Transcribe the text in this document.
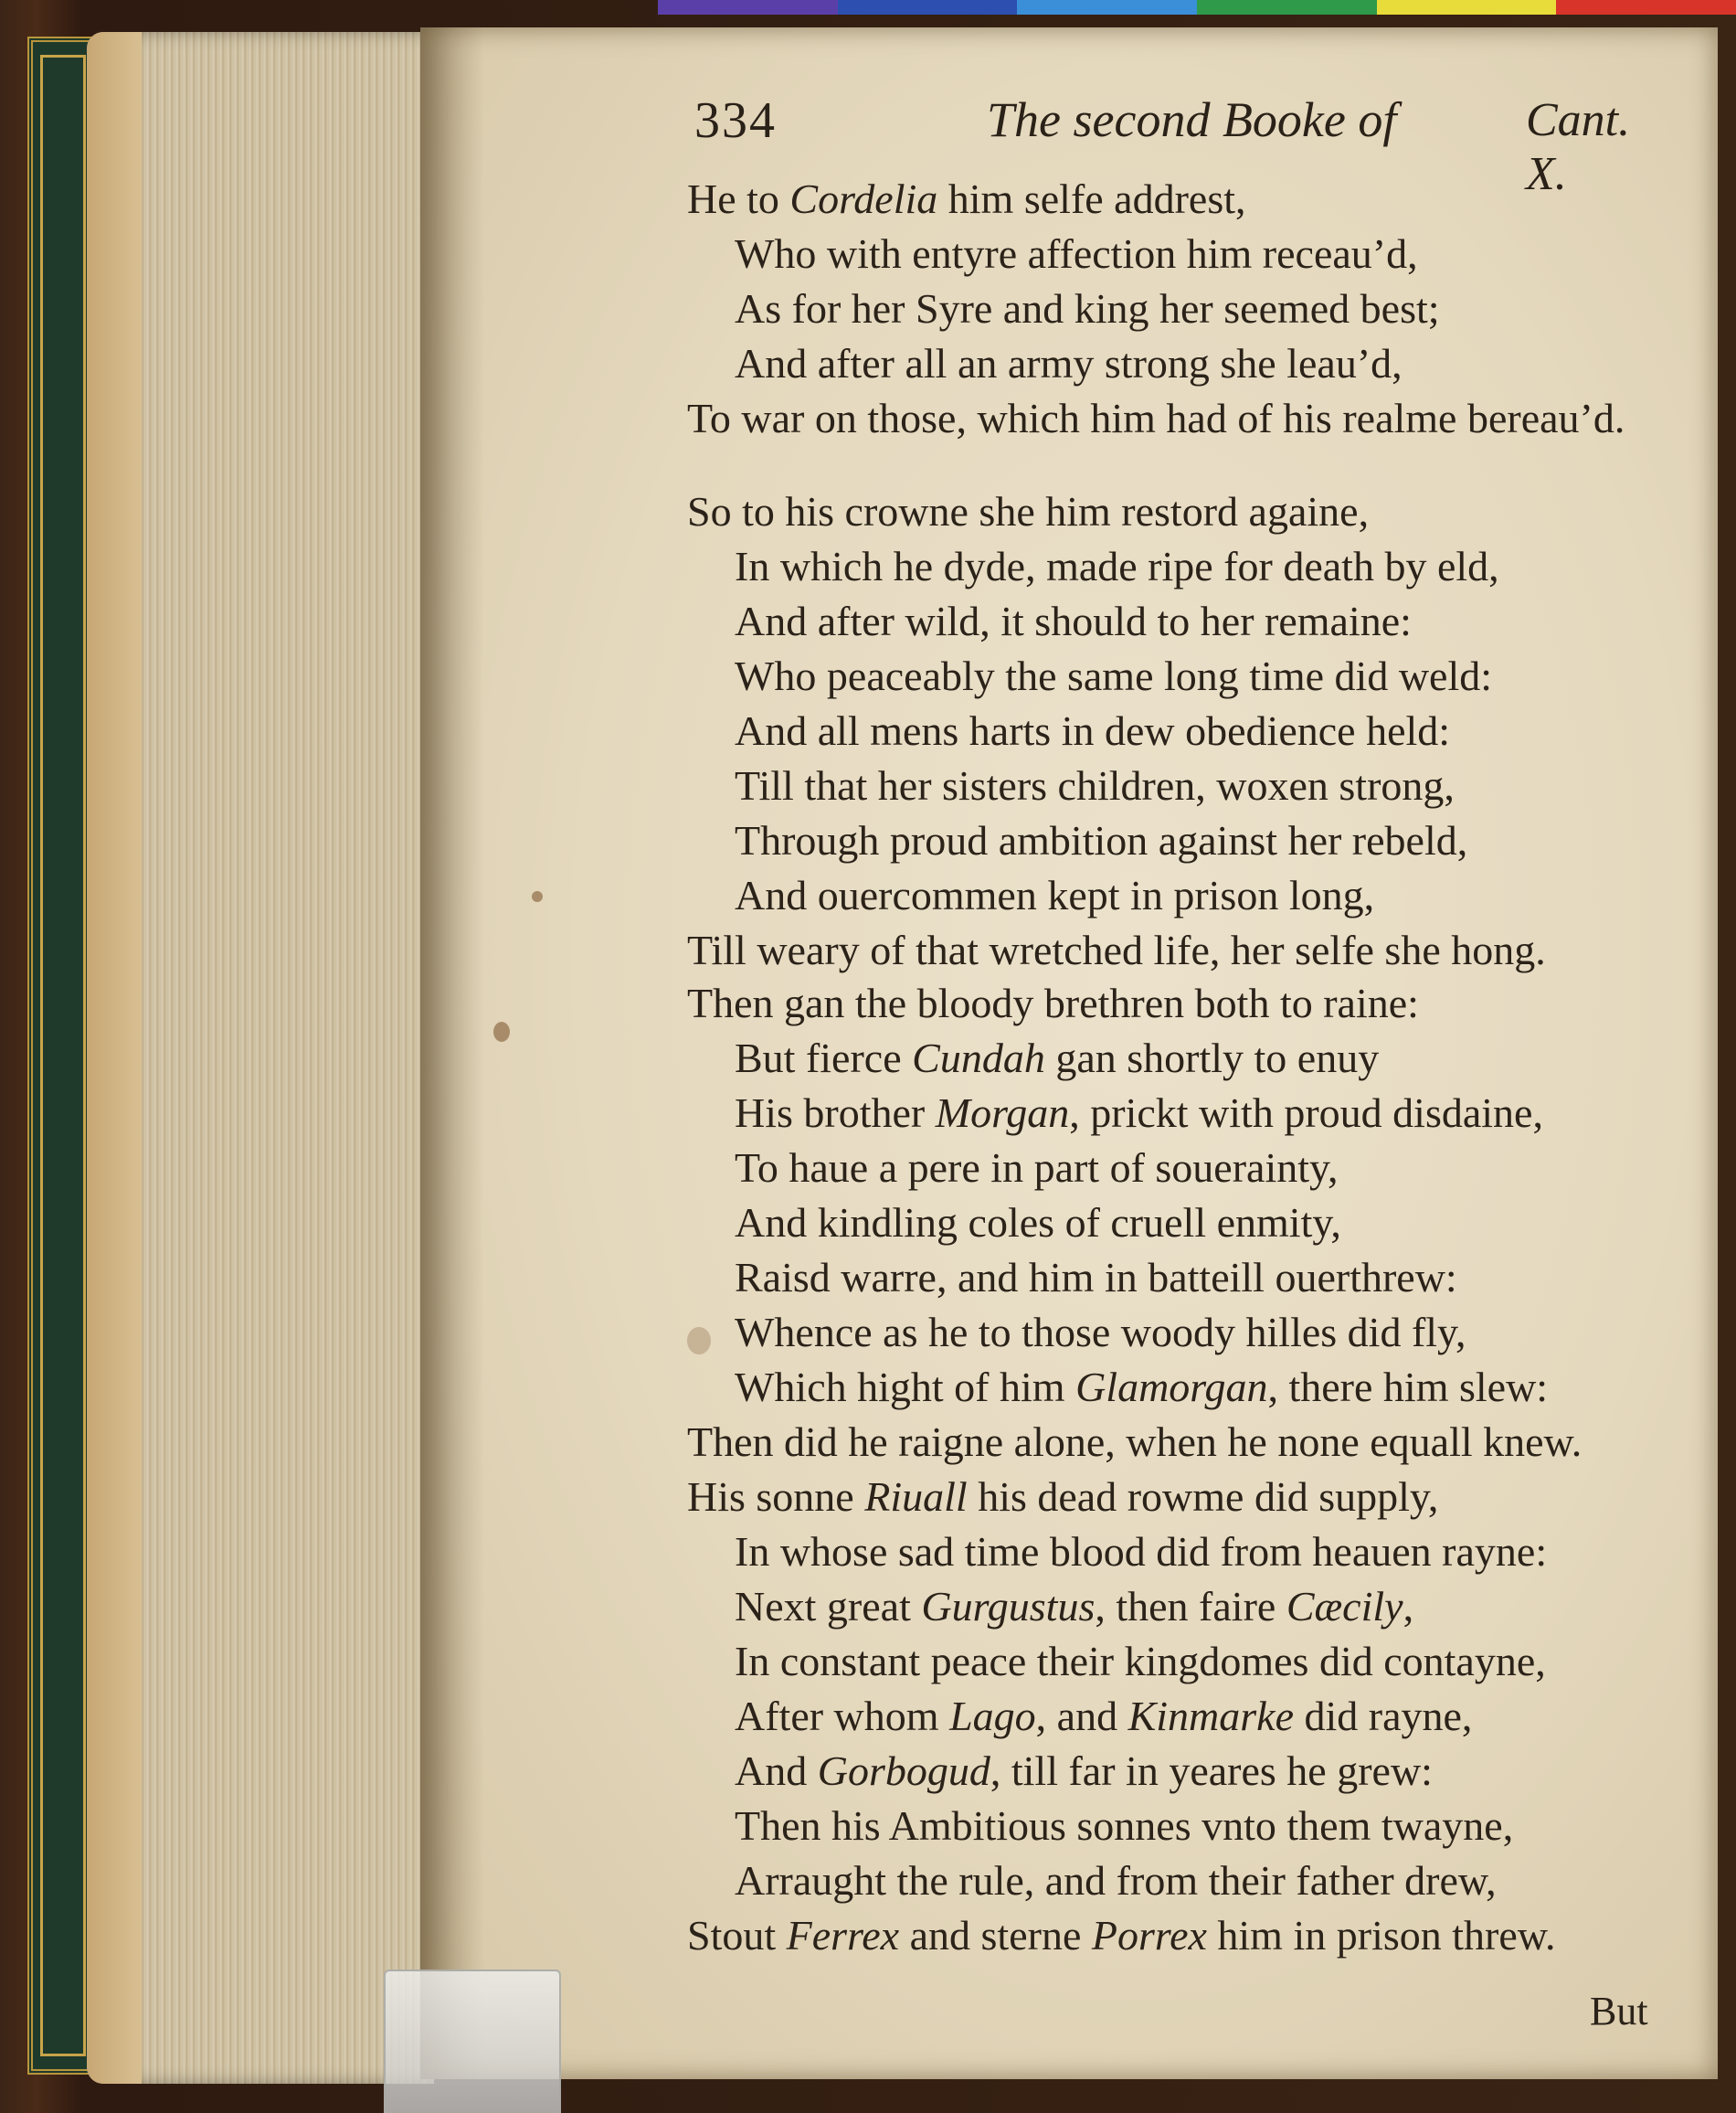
334	The second Booke of	Cant. X.
He to Cordelia him selfe addrest,
Who with entyre affection him receau’d,
As for her Syre and king her seemed best;
And after all an army strong she leau’d,
To war on those, which him had of his realme bereau’d.
So to his crowne she him restord againe,
In which he dyde, made ripe for death by eld,
And after wild, it should to her remaine:
Who peaceably the same long time did weld:
And all mens harts in dew obedience held:
Till that her sisters children, woxen strong,
Through proud ambition against her rebeld,
And ouercommen kept in prison long,
Till weary of that wretched life, her selfe she hong.
Then gan the bloody brethren both to raine:
But fierce Cundah gan shortly to enuy
His brother Morgan, prickt with proud disdaine,
To haue a pere in part of souerainty,
And kindling coles of cruell enmity,
Raisd warre, and him in batteill ouerthrew:
Whence as he to those woody hilles did fly,
Which hight of him Glamorgan, there him slew:
Then did he raigne alone, when he none equall knew.
His sonne Riuall his dead rowme did supply,
In whose sad time blood did from heauen rayne:
Next great Gurgustus, then faire Cæcily,
In constant peace their kingdomes did contayne,
After whom Lago, and Kinmarke did rayne,
And Gorbogud, till far in yeares he grew:
Then his Ambitious sonnes vnto them twayne,
Arraught the rule, and from their father drew,
Stout Ferrex and sterne Porrex him in prison threw.
But
